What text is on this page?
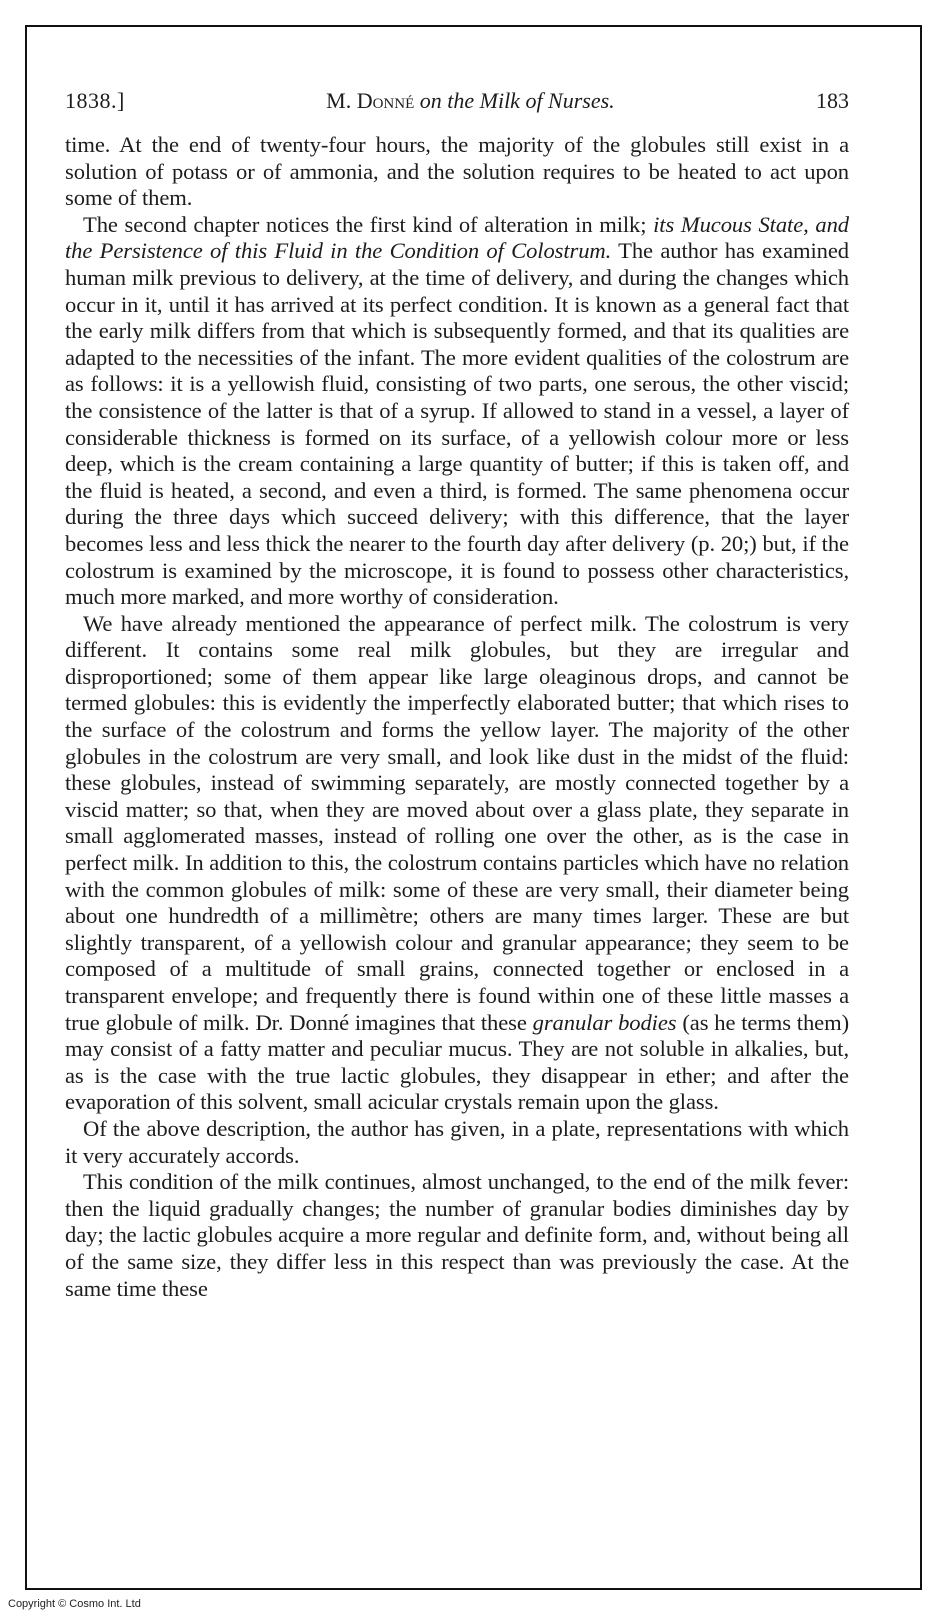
1838.]	M. Donné on the Milk of Nurses.	183

time. At the end of twenty-four hours, the majority of the globules still exist in a solution of potass or of ammonia, and the solution requires to be heated to act upon some of them.

The second chapter notices the first kind of alteration in milk; its Mucous State, and the Persistence of this Fluid in the Condition of Colostrum. The author has examined human milk previous to delivery, at the time of delivery, and during the changes which occur in it, until it has arrived at its perfect condition. It is known as a general fact that the early milk differs from that which is subsequently formed, and that its qualities are adapted to the necessities of the infant. The more evident qualities of the colostrum are as follows: it is a yellowish fluid, consisting of two parts, one serous, the other viscid; the consistence of the latter is that of a syrup. If allowed to stand in a vessel, a layer of considerable thickness is formed on its surface, of a yellowish colour more or less deep, which is the cream containing a large quantity of butter; if this is taken off, and the fluid is heated, a second, and even a third, is formed. The same phenomena occur during the three days which succeed delivery; with this difference, that the layer becomes less and less thick the nearer to the fourth day after delivery (p. 20;) but, if the colostrum is examined by the microscope, it is found to possess other characteristics, much more marked, and more worthy of consideration.

We have already mentioned the appearance of perfect milk. The colostrum is very different. It contains some real milk globules, but they are irregular and disproportioned; some of them appear like large oleaginous drops, and cannot be termed globules: this is evidently the imperfectly elaborated butter; that which rises to the surface of the colostrum and forms the yellow layer. The majority of the other globules in the colostrum are very small, and look like dust in the midst of the fluid: these globules, instead of swimming separately, are mostly connected together by a viscid matter; so that, when they are moved about over a glass plate, they separate in small agglomerated masses, instead of rolling one over the other, as is the case in perfect milk. In addition to this, the colostrum contains particles which have no relation with the common globules of milk: some of these are very small, their diameter being about one hundredth of a millimètre; others are many times larger. These are but slightly transparent, of a yellowish colour and granular appearance; they seem to be composed of a multitude of small grains, connected together or enclosed in a transparent envelope; and frequently there is found within one of these little masses a true globule of milk. Dr. Donné imagines that these granular bodies (as he terms them) may consist of a fatty matter and peculiar mucus. They are not soluble in alkalies, but, as is the case with the true lactic globules, they disappear in ether; and after the evaporation of this solvent, small acicular crystals remain upon the glass.

Of the above description, the author has given, in a plate, representations with which it very accurately accords.

This condition of the milk continues, almost unchanged, to the end of the milk fever: then the liquid gradually changes; the number of granular bodies diminishes day by day; the lactic globules acquire a more regular and definite form, and, without being all of the same size, they differ less in this respect than was previously the case. At the same time these

Copyright © Cosmo Int. Ltd
